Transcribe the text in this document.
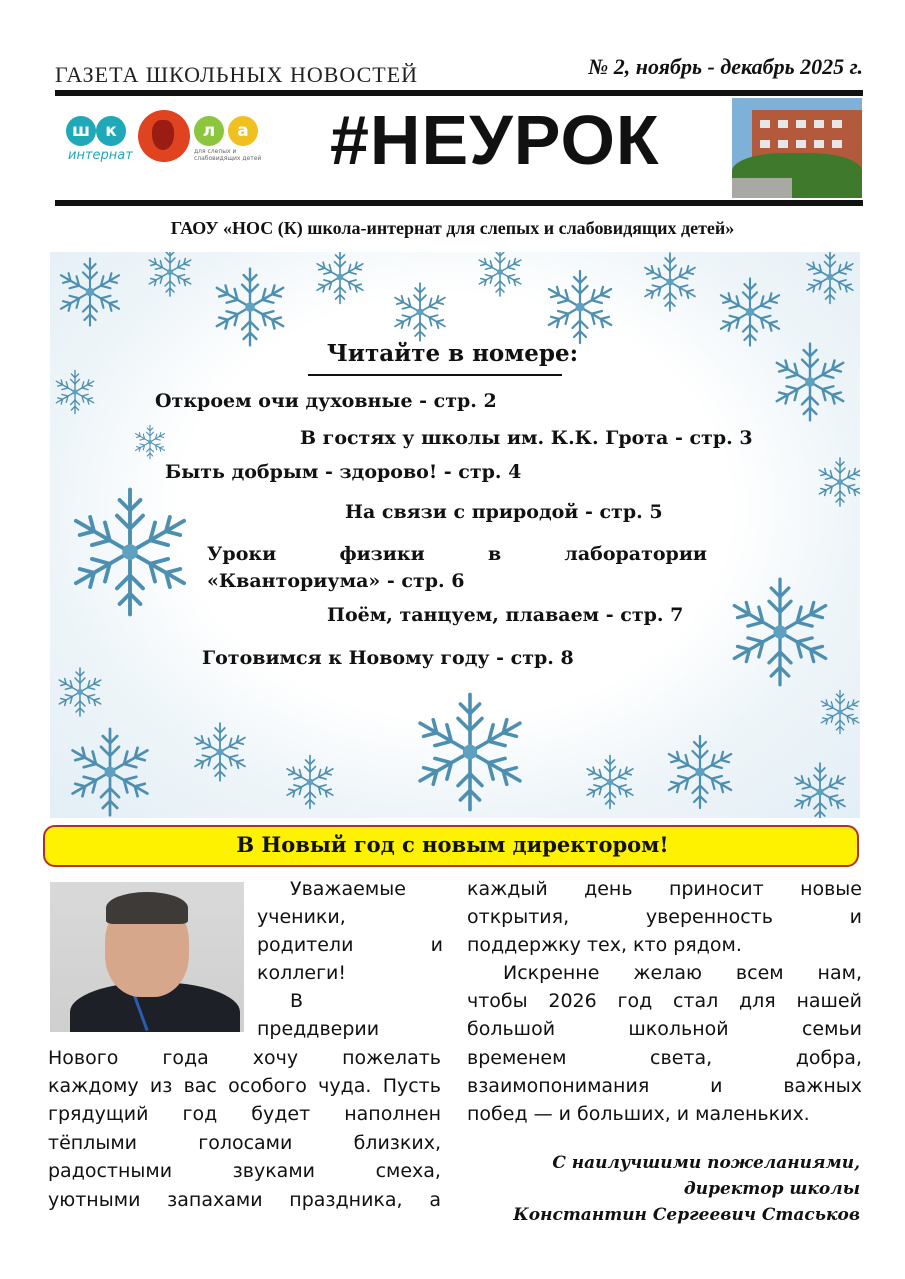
ГАЗЕТА ШКОЛЬНЫХ НОВОСТЕЙ	№ 2, ноябрь - декабрь 2025 г.
ш к	л	а
интернат	для слепых и слабовидящих детей #НЕУРОК
ГАОУ «НОС (К) школа-интернат для слепых и слабовидящих детей»
Читайте в номере:
Откроем очи духовные - стр. 2
В гостях у школы им. К.К. Грота - стр. 3
Быть добрым - здорово! - стр. 4
На связи с природой - стр. 5
Уроки физики в лаборатории «Кванториума» - стр. 6
Поём, танцуем, плаваем - стр. 7
Готовимся к Новому году - стр. 8
В Новый год с новым директором!
Уважаемые
ученики,
родители	и
коллеги!
В
преддверии
Нового года хочу пожелать
каждому из вас особого чуда. Пусть
грядущий год будет наполнен
тёплыми	голосами	близких,
радостными	звуками	смеха,
уютными запахами праздника, а
каждый день приносит новые
открытия,	уверенность	и
поддержку тех, кто рядом.
Искренне желаю всем нам,
чтобы 2026 год стал для нашей
большой	школьной	семьи
временем	света,	добра,
взаимопонимания	и	важных
побед — и больших, и маленьких.
С наилучшими пожеланиями,
директор школы
Константин Сергеевич Стаськов
